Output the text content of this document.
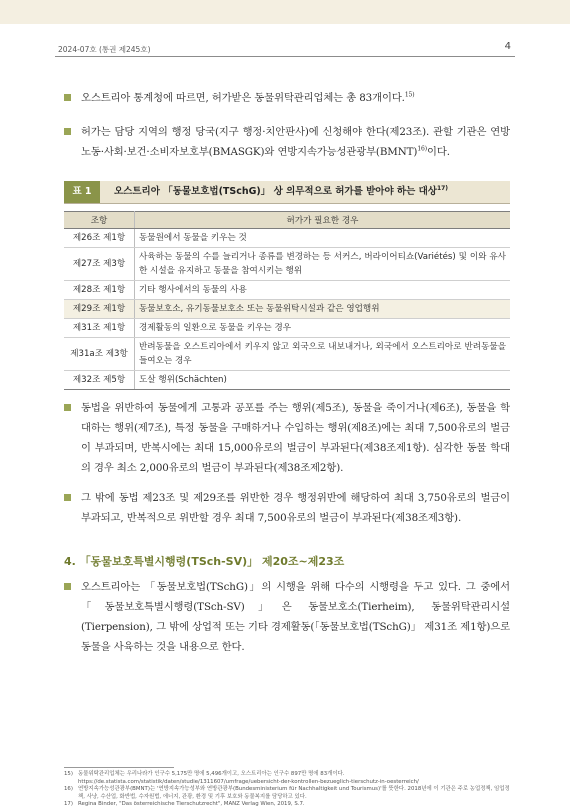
2024-07호 (통권 제245호)	4
오스트리아 통계청에 따르면, 허가받은 동물위탁관리업체는 총 83개이다.$^{15)}$
허가는 담당 지역의 행정 당국(지구 행정·치안판사)에 신청해야 한다(제23조). 관할 기관은 연방노동·사회·보건·소비자보호부(BMASGK)와 연방지속가능성관광부(BMNT)$^{16)}$이다.
표 1	오스트리아 「동물보호법(TSchG)」 상 의무적으로 허가를 받아야 하는 대상$^{17)}$
조항	허가가 필요한 경우
제26조 제1항	동물원에서 동물을 키우는 것
제27조 제3항	사육하는 동물의 수를 늘리거나 종류를 변경하는 등 서커스, 버라이어티쇼(Variétés) 및 이와 유사한 시설을 유지하고 동물을 참여시키는 행위
제28조 제1항	기타 행사에서의 동물의 사용
제29조 제1항	동물보호소, 유기동물보호소 또는 동물위탁시설과 같은 영업행위
제31조 제1항	경제활동의 일환으로 동물을 키우는 경우
제31a조 제3항	반려동물을 오스트리아에서 키우지 않고 외국으로 내보내거나, 외국에서 오스트리아로 반려동물을 들여오는 경우
제32조 제5항	도살 행위(Schächten)
동법을 위반하여 동물에게 고통과 공포를 주는 행위(제5조), 동물을 죽이거나(제6조), 동물을 학대하는 행위(제7조), 특정 동물을 구매하거나 수입하는 행위(제8조)에는 최대 7,500유로의 벌금이 부과되며, 반복시에는 최대 15,000유로의 벌금이 부과된다(제38조제1항). 심각한 동물 학대의 경우 최소 2,000유로의 벌금이 부과된다(제38조제2항).
그 밖에 동법 제23조 및 제29조를 위반한 경우 행정위반에 해당하여 최대 3,750유로의 벌금이 부과되고, 반복적으로 위반할 경우 최대 7,500유로의 벌금이 부과된다(제38조제3항).
4. 「동물보호특별시행령(TSch-SV)」 제20조~제23조
오스트리아는 「동물보호법(TSchG)」의 시행을 위해 다수의 시행령을 두고 있다. 그 중에서 「동물보호특별시행령(TSch-SV)」은 동물보호소(Tierheim), 동물위탁관리시설(Tierpension), 그 밖에 상업적 또는 기타 경제활동(「동물보호법(TSchG)」 제31조 제1항)으로 동물을 사육하는 것을 내용으로 한다.
15) 동물위탁관리업체는 우리나라가 인구수 5,175만 명에 5,496개이고, 오스트리아는 인구수 897만 명에 83개이다. https://de.statista.com/statistik/daten/studie/1311607/umfrage/uebersicht-der-kontrollen-bezueglich-tierschutz-in-oesterreich/
16) 연방지속가능성관광부(BMNT)는 '연방지속가능성부와 연방관광부(Bundesministerium für Nachhaltigkeit und Tourismus)'를 뜻한다. 2018년에 이 기관은 주로 농업정책, 임업정책, 사냥, 수산업, 화반법, 수자원법, 에너지, 관광, 환경 및 기후 보호와 동물복지를 담당하고 있다.
17) Regina Binder, "Das österreichische Tierschutzrecht", MANZ Verlag Wien, 2019, S.7.
